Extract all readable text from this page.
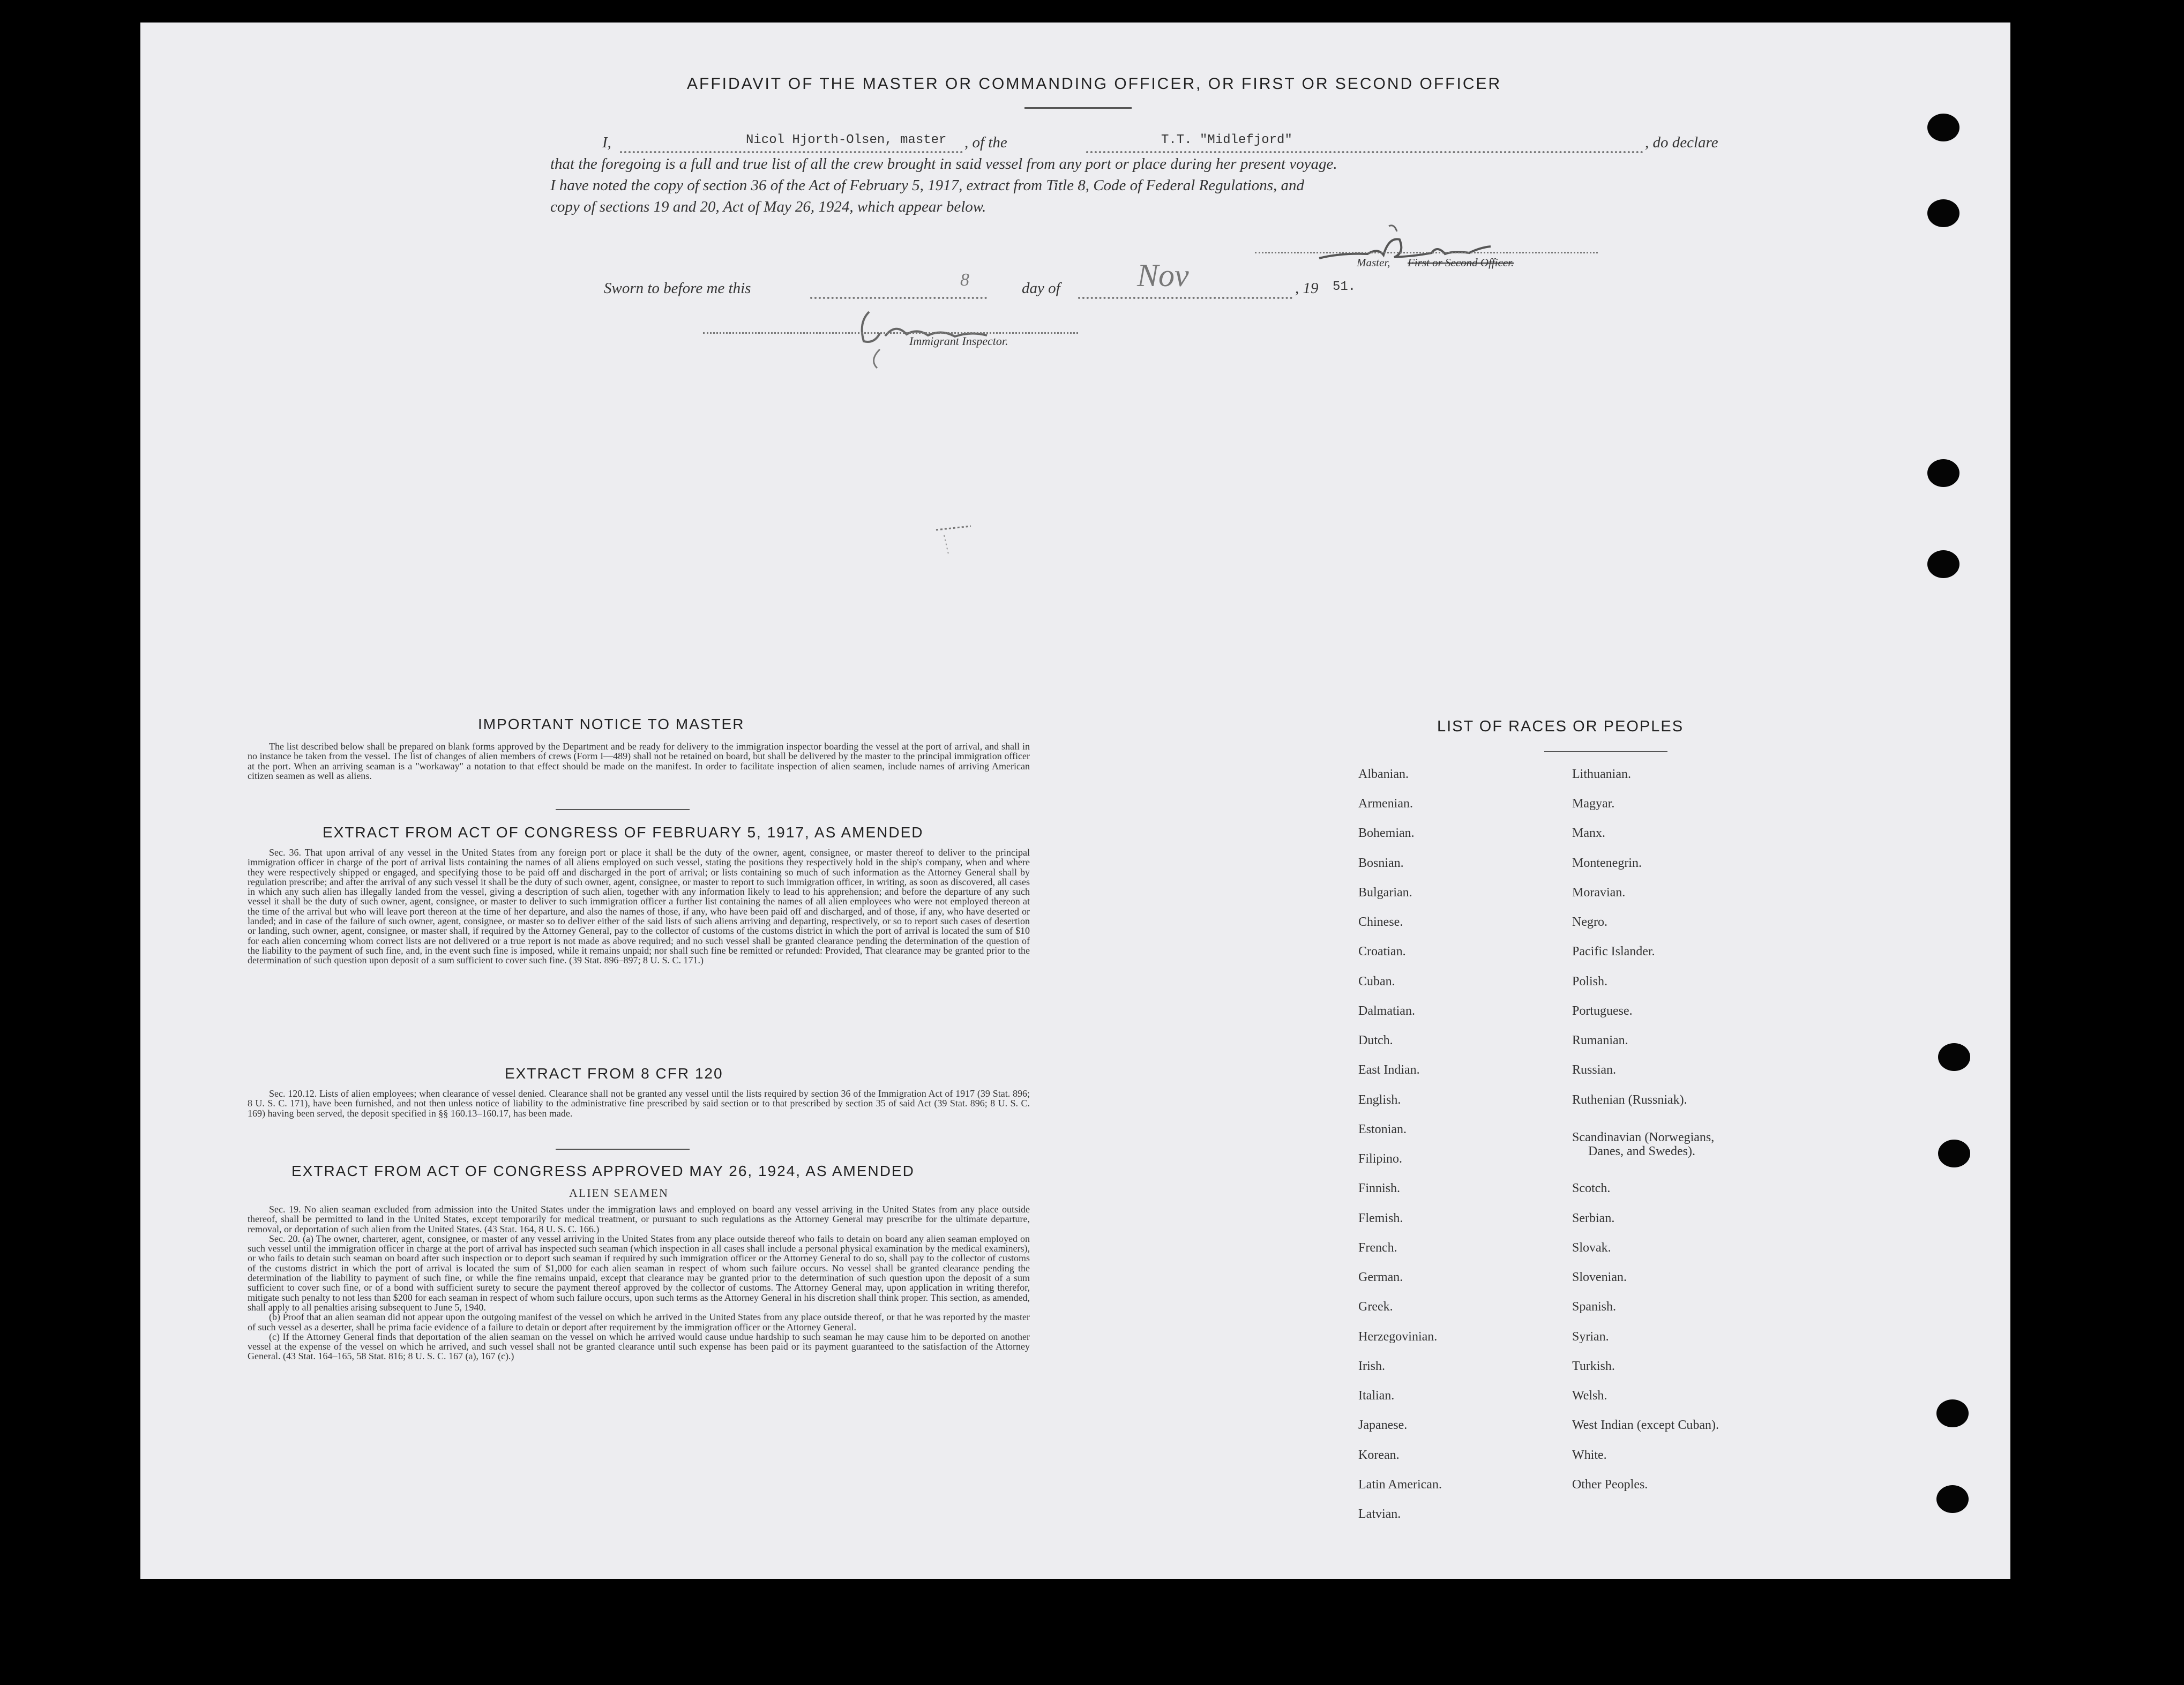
AFFIDAVIT OF THE MASTER OR COMMANDING OFFICER, OR FIRST OR SECOND OFFICER
I,	Nicol Hjorth-Olsen, master , of the	T.T. "Midlefjord"	, do declare
that the foregoing is a full and true list of all the crew brought in said vessel from any port or place during her present voyage.
I have noted the copy of section 36 of the Act of February 5, 1917, extract from Title 8, Code of Federal Regulations, and
copy of sections 19 and 20, Act of May 26, 1924, which appear below.
Master, First or Second Officer.
Sworn to before me this	8	day of Nov	, 19 51.
Immigrant Inspector.
IMPORTANT NOTICE TO MASTER

The list described below shall be prepared on blank forms approved by the Department and be ready for delivery to the immigration inspector boarding the vessel at the port of arrival, and shall in no instance be taken from the vessel. The list of changes of alien members of crews (Form I—489) shall not be retained on board, but shall be delivered by the master to the principal immigration officer at the port. When an arriving seaman is a "workaway" a notation to that effect should be made on the manifest. In order to facilitate inspection of alien seamen, include names of arriving American citizen seamen as well as aliens.

EXTRACT FROM ACT OF CONGRESS OF FEBRUARY 5, 1917, AS AMENDED

Sec. 36. That upon arrival of any vessel in the United States from any foreign port or place it shall be the duty of the owner, agent, consignee, or master thereof to deliver to the principal immigration officer in charge of the port of arrival lists containing the names of all aliens employed on such vessel, stating the positions they respectively hold in the ship's company, when and where they were respectively shipped or engaged, and specifying those to be paid off and discharged in the port of arrival; or lists containing so much of such information as the Attorney General shall by regulation prescribe; and after the arrival of any such vessel it shall be the duty of such owner, agent, consignee, or master to report to such immigration officer, in writing, as soon as discovered, all cases in which any such alien has illegally landed from the vessel, giving a description of such alien, together with any information likely to lead to his apprehension; and before the departure of any such vessel it shall be the duty of such owner, agent, consignee, or master to deliver to such immigration officer a further list containing the names of all alien employees who were not employed thereon at the time of the arrival but who will leave port thereon at the time of her departure, and also the names of those, if any, who have been paid off and discharged, and of those, if any, who have deserted or landed; and in case of the failure of such owner, agent, consignee, or master so to deliver either of the said lists of such aliens arriving and departing, respectively, or so to report such cases of desertion or landing, such owner, agent, consignee, or master shall, if required by the Attorney General, pay to the collector of customs of the customs district in which the port of arrival is located the sum of $10 for each alien concerning whom correct lists are not delivered or a true report is not made as above required; and no such vessel shall be granted clearance pending the determination of the question of the liability to the payment of such fine, and, in the event such fine is imposed, while it remains unpaid; nor shall such fine be remitted or refunded: Provided, That clearance may be granted prior to the determination of such question upon deposit of a sum sufficient to cover such fine. (39 Stat. 896–897; 8 U. S. C. 171.)

EXTRACT FROM 8 CFR 120

Sec. 120.12. Lists of alien employees; when clearance of vessel denied. Clearance shall not be granted any vessel until the lists required by section 36 of the Immigration Act of 1917 (39 Stat. 896; 8 U. S. C. 171), have been furnished, and not then unless notice of liability to the administrative fine prescribed by said section or to that prescribed by section 35 of said Act (39 Stat. 896; 8 U. S. C. 169) having been served, the deposit specified in §§ 160.13–160.17, has been made.

EXTRACT FROM ACT OF CONGRESS APPROVED MAY 26, 1924, AS AMENDED
ALIEN SEAMEN

Sec. 19. No alien seaman excluded from admission into the United States under the immigration laws and employed on board any vessel arriving in the United States from any place outside thereof, shall be permitted to land in the United States, except temporarily for medical treatment, or pursuant to such regulations as the Attorney General may prescribe for the ultimate departure, removal, or deportation of such alien from the United States. (43 Stat. 164, 8 U. S. C. 166.)

Sec. 20. (a) The owner, charterer, agent, consignee, or master of any vessel arriving in the United States from any place outside thereof who fails to detain on board any alien seaman employed on such vessel until the immigration officer in charge at the port of arrival has inspected such seaman (which inspection in all cases shall include a personal physical examination by the medical examiners), or who fails to detain such seaman on board after such inspection or to deport such seaman if required by such immigration officer or the Attorney General to do so, shall pay to the collector of customs of the customs district in which the port of arrival is located the sum of $1,000 for each alien seaman in respect of whom such failure occurs. No vessel shall be granted clearance pending the determination of the liability to payment of such fine, or while the fine remains unpaid, except that clearance may be granted prior to the determination of such question upon the deposit of a sum sufficient to cover such fine, or of a bond with sufficient surety to secure the payment thereof approved by the collector of customs. The Attorney General may, upon application in writing therefor, mitigate such penalty to not less than $200 for each seaman in respect of whom such failure occurs, upon such terms as the Attorney General in his discretion shall think proper. This section, as amended, shall apply to all penalties arising subsequent to June 5, 1940.

(b) Proof that an alien seaman did not appear upon the outgoing manifest of the vessel on which he arrived in the United States from any place outside thereof, or that he was reported by the master of such vessel as a deserter, shall be prima facie evidence of a failure to detain or deport after requirement by the immigration officer or the Attorney General.

(c) If the Attorney General finds that deportation of the alien seaman on the vessel on which he arrived would cause undue hardship to such seaman he may cause him to be deported on another vessel at the expense of the vessel on which he arrived, and such vessel shall not be granted clearance until such expense has been paid or its payment guaranteed to the satisfaction of the Attorney General. (43 Stat. 164–165, 58 Stat. 816; 8 U. S. C. 167 (a), 167 (c).)

LIST OF RACES OR PEOPLES
Albanian.
Armenian.
Bohemian.
Bosnian.
Bulgarian.
Chinese.
Croatian.
Cuban.
Dalmatian.
Dutch.
East Indian.
English.
Estonian.
Filipino.
Finnish.
Flemish.
French.
German.
Greek.
Herzegovinian.
Irish.
Italian.
Japanese.
Korean.
Latin American.
Latvian.
Lithuanian.
Magyar.
Manx.
Montenegrin.
Moravian.
Negro.
Pacific Islander.
Polish.
Portuguese.
Rumanian.
Russian.
Ruthenian (Russniak).
Scandinavian (Norwegians,
Danes, and Swedes).
Scotch.
Serbian.
Slovak.
Slovenian.
Spanish.
Syrian.
Turkish.
Welsh.
West Indian (except Cuban).
White.
Other Peoples.
